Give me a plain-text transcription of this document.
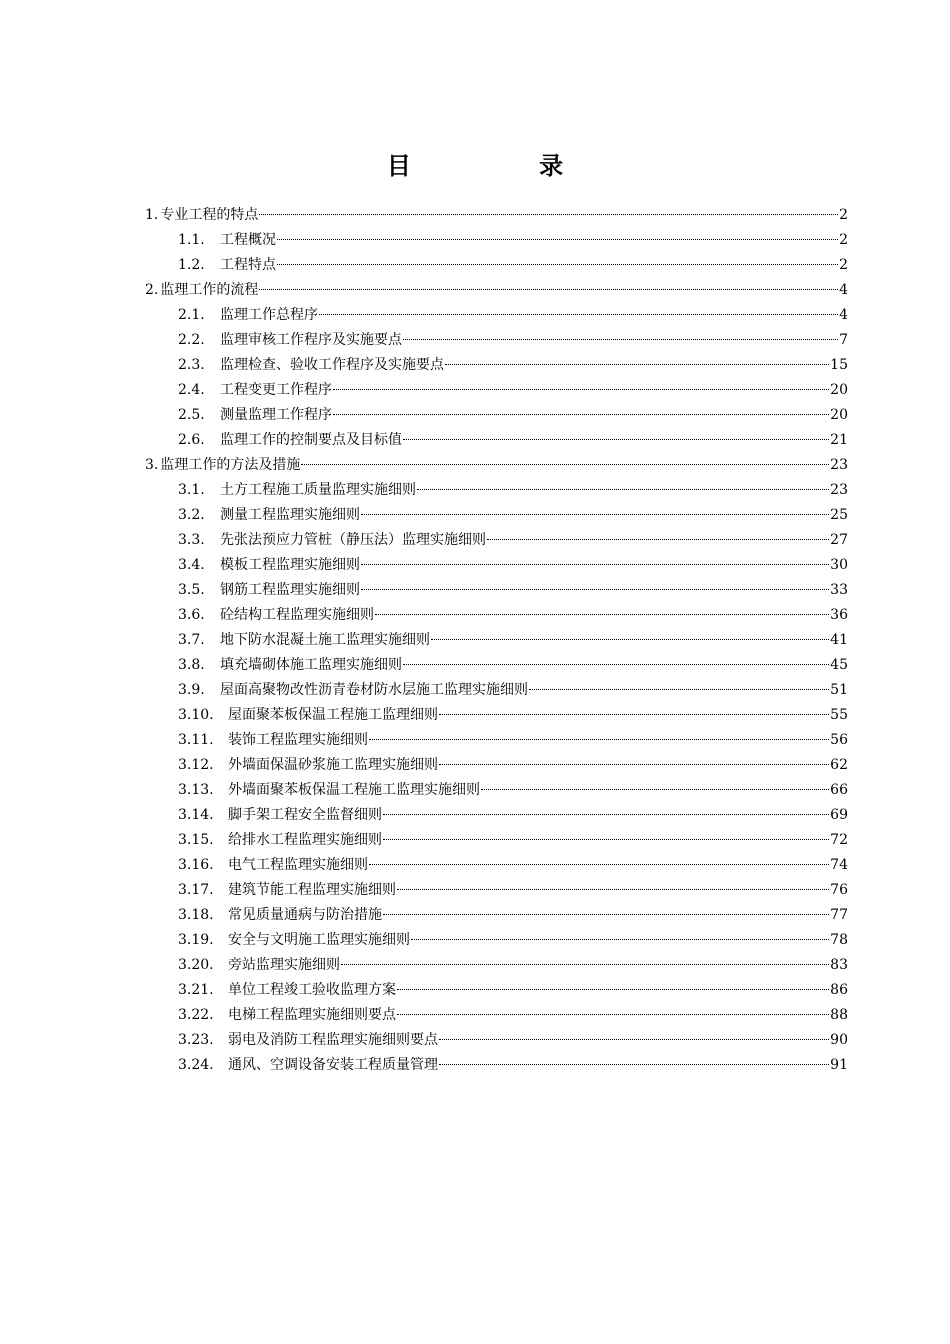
目 录
1. 专业工程的特点	2
1.1.	工程概况	2
1.2.	工程特点	2
2. 监理工作的流程	4
2.1.	监理工作总程序	4
2.2.	监理审核工作程序及实施要点	7
2.3.	监理检查、验收工作程序及实施要点	15
2.4.	工程变更工作程序	20
2.5.	测量监理工作程序	20
2.6.	监理工作的控制要点及目标值	21
3. 监理工作的方法及措施	23
3.1.	土方工程施工质量监理实施细则	23
3.2.	测量工程监理实施细则	25
3.3.	先张法预应力管桩（静压法）监理实施细则	27
3.4.	模板工程监理实施细则	30
3.5.	钢筋工程监理实施细则	33
3.6.	砼结构工程监理实施细则	36
3.7.	地下防水混凝土施工监理实施细则	41
3.8.	填充墙砌体施工监理实施细则	45
3.9.	屋面高聚物改性沥青卷材防水层施工监理实施细则	51
3.10.	屋面聚苯板保温工程施工监理细则	55
3.11.	装饰工程监理实施细则	56
3.12.	外墙面保温砂浆施工监理实施细则	62
3.13.	外墙面聚苯板保温工程施工监理实施细则	66
3.14.	脚手架工程安全监督细则	69
3.15.	给排水工程监理实施细则	72
3.16.	电气工程监理实施细则	74
3.17.	建筑节能工程监理实施细则	76
3.18.	常见质量通病与防治措施	77
3.19.	安全与文明施工监理实施细则	78
3.20.	旁站监理实施细则	83
3.21.	单位工程竣工验收监理方案	86
3.22.	电梯工程监理实施细则要点	88
3.23.	弱电及消防工程监理实施细则要点	90
3.24.	通风、空调设备安装工程质量管理	91
